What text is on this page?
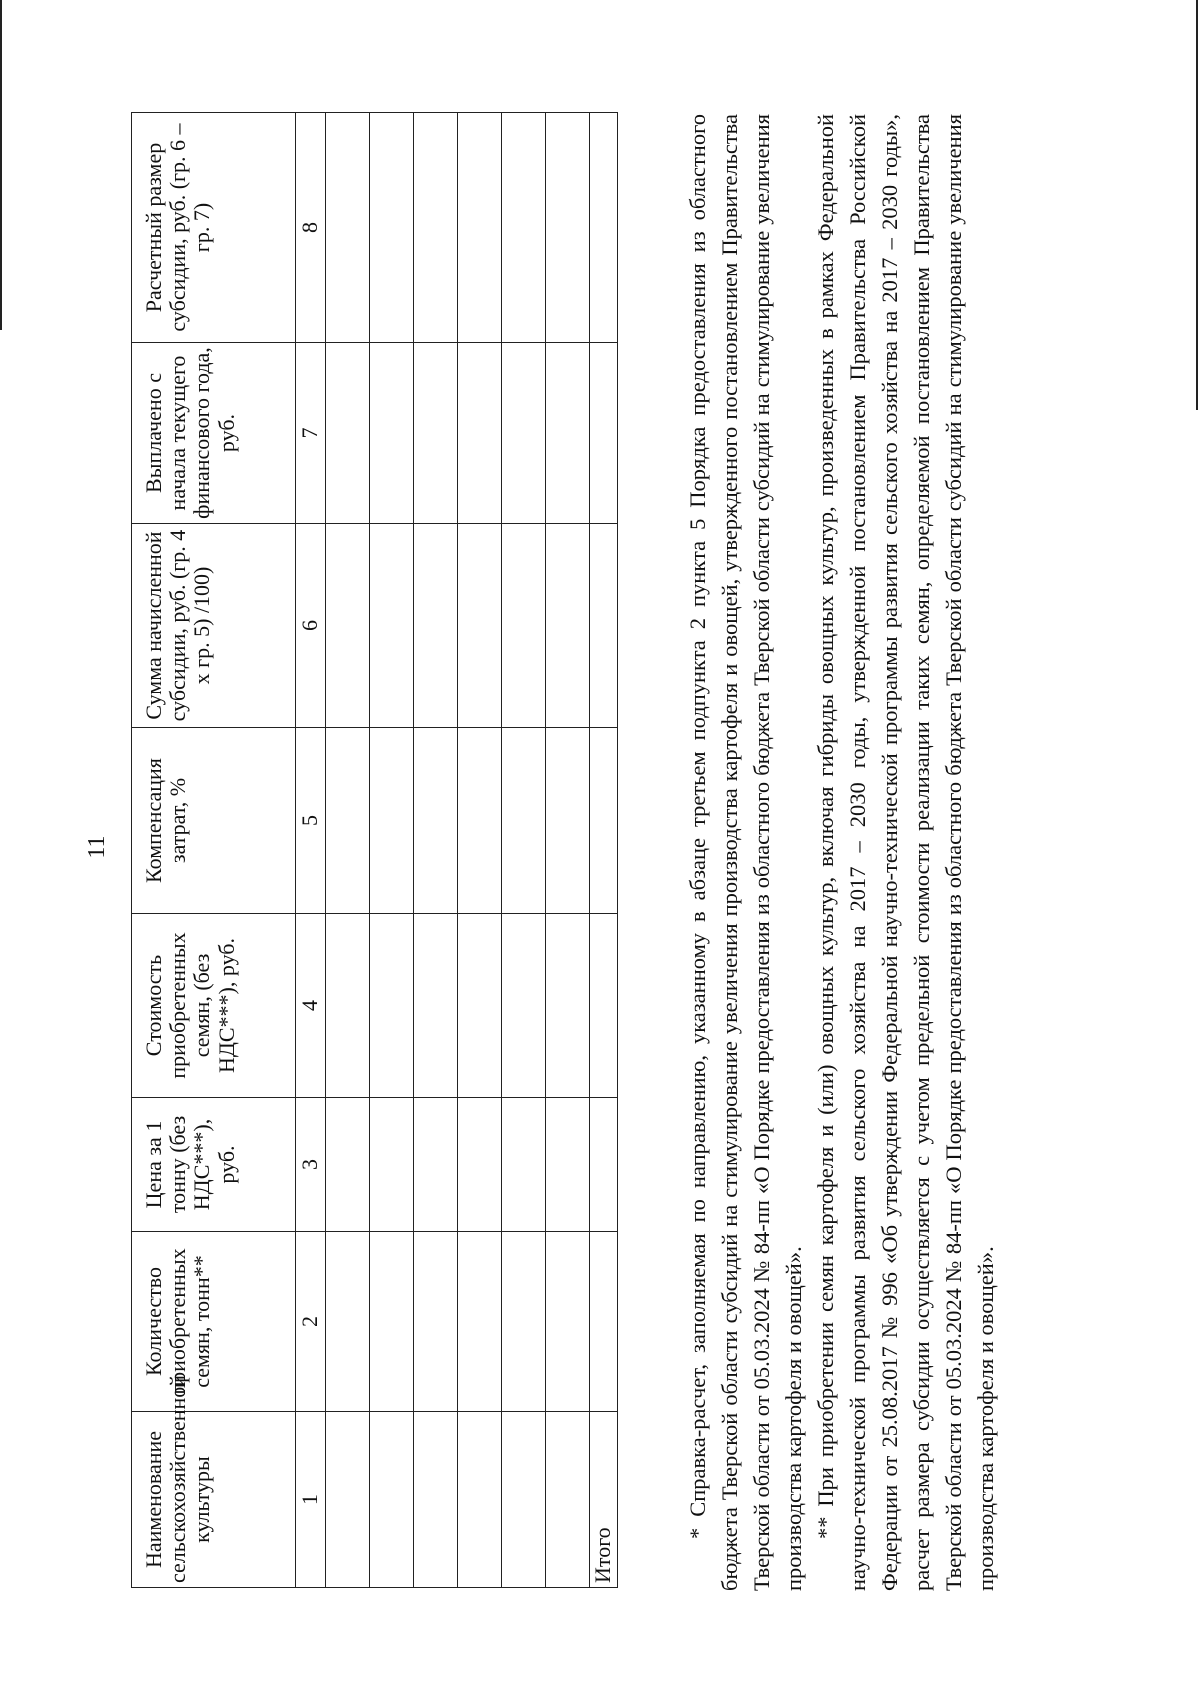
11
Наименование сельскохозяйственной культуры	Количество приобретенных семян, тонн**	Цена за 1 тонну (без НДС***), руб.	Стоимость приобретенных семян, (без НДС***), руб.	Компенсация затрат, %	Сумма начисленной субсидии, руб. (гр. 4 х гр. 5) /100)	Выплачено с начала текущего финансового года, руб.	Расчетный размер субсидии, руб. (гр. 6 – гр. 7)
1	2	3	4	5	6	7	8

Итого							

* Справка-расчет, заполняемая по направлению, указанному в абзаце третьем подпункта 2 пункта 5 Порядка предоставления из областного бюджета Тверской области субсидий на стимулирование увеличения производства картофеля и овощей, утвержденного постановлением Правительства Тверской области от 05.03.2024 № 84-пп «О Порядке предоставления из областного бюджета Тверской области субсидий на стимулирование увеличения производства картофеля и овощей». ** При приобретении семян картофеля и (или) овощных культур, включая гибриды овощных культур, произведенных в рамках Федеральной научно-технической программы развития сельского хозяйства на 2017 – 2030 годы, утвержденной постановлением Правительства Российской Федерации от 25.08.2017 № 996 «Об утверждении Федеральной научно-технической программы развития сельского хозяйства на 2017 – 2030 годы», расчет размера субсидии осуществляется с учетом предельной стоимости реализации таких семян, определяемой постановлением Правительства Тверской области от 05.03.2024 № 84-пп «О Порядке предоставления из областного бюджета Тверской области субсидий на стимулирование увеличения производства картофеля и овощей».
